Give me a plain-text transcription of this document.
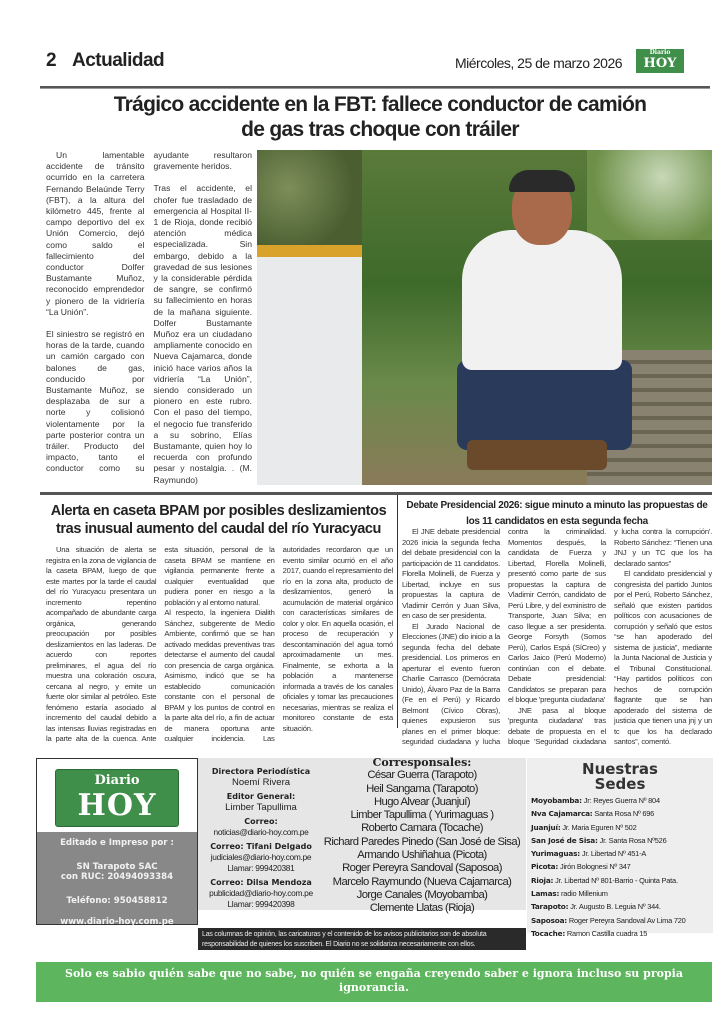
2 Actualidad	Miércoles, 25 de marzo 2026
Diario
HOY
Trágico accidente en la FBT: fallece conductor de camión
de gas tras choque con tráiler

Un lamentable accidente de tránsito ocurrido en la carretera Fernando Belaúnde Terry (FBT), a la altura del kilómetro 445, frente al campo deportivo del ex Unión Comercio, dejó como saldo el fallecimiento del conductor Dolfer Bustamante Muñoz, reconocido emprendedor y pionero de la vidriería “La Unión”.

El siniestro se registró en horas de la tarde, cuando un camión cargado con balones de gas, conducido por Bustamante Muñoz, se desplazaba de sur a norte y colisionó violentamente por la parte posterior contra un tráiler. Producto del impacto, tanto el conductor como su ayudante resultaron gravemente heridos.

Tras el accidente, el chofer fue trasladado de emergencia al Hospital II-1 de Rioja, donde recibió atención médica especializada. Sin embargo, debido a la gravedad de sus lesiones y la considerable pérdida de sangre, se confirmó su fallecimiento en horas de la mañana siguiente. Dolfer Bustamante Muñoz era un ciudadano ampliamente conocido en Nueva Cajamarca, donde inició hace varios años la vidriería “La Unión”, siendo considerado un pionero en este rubro. Con el paso del tiempo, el negocio fue transferido a su sobrino, Elías Bustamante, quien hoy lo recuerda con profundo pesar y nostalgia. . (M. Raymundo)

Alerta en caseta BPAM por posibles deslizamientos tras inusual aumento del caudal del río Yuracyacu

Una situación de alerta se registra en la zona de vigilancia de la caseta BPAM, luego de que este martes por la tarde el caudal del río Yuracyacu presentara un incremento repentino acompañado de abundante carga orgánica, generando preocupación por posibles deslizamientos en las laderas. De acuerdo con reportes preliminares, el agua del río muestra una coloración oscura, cercana al negro, y emite un fuerte olor similar al petróleo. Este fenómeno estaría asociado al incremento del caudal debido a las intensas lluvias registradas en la parte alta de la cuenca. Ante esta situación, personal de la caseta BPAM se mantiene en vigilancia permanente frente a cualquier eventualidad que pudiera poner en riesgo a la población y al entorno natural.

Al respecto, la ingeniera Dialith Sánchez, subgerente de Medio Ambiente, confirmó que se han activado medidas preventivas tras detectarse el aumento del caudal con presencia de carga orgánica. Asimismo, indicó que se ha establecido comunicación constante con el personal de BPAM y los puntos de control en la parte alta del río, a fin de actuar de manera oportuna ante cualquier incidencia. Las autoridades recordaron que un evento similar ocurrió en el año 2017, cuando el represamiento del río en la zona alta, producto de deslizamientos, generó la acumulación de material orgánico con características similares de color y olor. En aquella ocasión, el proceso de recuperación y descontaminación del agua tomó aproximadamente un mes. Finalmente, se exhorta a la población a mantenerse informada a través de los canales oficiales y tomar las precauciones necesarias, mientras se realiza el monitoreo constante de esta situación.

Debate Presidencial 2026: sigue minuto a minuto las propuestas de los 11 candidatos en esta segunda fecha

El JNE debate presidencial 2026 inicia la segunda fecha del debate presidencial con la participación de 11 candidatos. Florella Molinelli, de Fuerza y Libertad, incluye en sus propuestas la captura de Vladimir Cerrón y Juan Silva, en caso de ser presidenta.

El Jurado Nacional de Elecciones (JNE) dio inicio a la segunda fecha del debate presidencial. Los primeros en aperturar el evento fueron Charlie Carrasco (Demócrata Unido), Álvaro Paz de la Barra (Fe en el Perú) y Ricardo Belmont (Cívico Obras), quienes expusieron sus planes en el primer bloque: seguridad ciudadana y lucha contra la criminalidad. Momentos después, la candidata de Fuerza y Libertad, Florella Molinelli, presentó como parte de sus propuestas la captura de Vladimir Cerrón, candidato de Perú Libre, y del exministro de Transporte, Juan Silva; en caso llegue a ser presidenta. George Forsyth (Somos Perú), Carlos Espá (SíCreo) y Carlos Jaico (Perú Moderno) continúan con el debate. Debate presidencial: Candidatos se preparan para el bloque 'pregunta ciudadana'

JNE pasa al bloque 'pregunta ciudadana' tras debate de propuesta en el bloque 'Seguridad ciudadana y lucha contra la corrupción'. Roberto Sánchez: “Tienen una JNJ y un TC que los ha declarado santos”

El candidato presidencial y congresista del partido Juntos por el Perú, Roberto Sánchez, señaló que existen partidos políticos con acusaciones de corrupción y señaló que estos “se han apoderado del sistema de justicia”, mediante la Junta Nacional de Justicia y el Tribunal Constitucional. “Hay partidos políticos con hechos de corrupción flagrante que se han apoderado del sistema de justicia que tienen una jnj y un tc que los ha declarado santos”, comentó.

Diario
HOY
Editado e Impreso por :
SN Tarapoto SAC
con RUC: 20494093384
Teléfono: 950458812
www.diario-hoy.com.pe
Directora Periodística
Noemí Rivera
Editor General:
Limber Tapullima
Correo:
noticias@diario-hoy.com.pe
Correo: Tifani Delgado
judiciales@diario-hoy.com.pe
Llamar: 999420381
Correo: Dilsa Mendoza
publicidad@diario-hoy.com.pe
Llamar: 999420398
Corresponsales:
César Guerra (Tarapoto)
Heil Sangama (Tarapoto)
Hugo Alvear (Juanjuí)
Limber Tapullima ( Yurimaguas )
Roberto Camara (Tocache)
Richard Paredes Pinedo (San José de Sisa)
Armando Ushiñahua (Picota)
Roger Pereyra Sandoval (Saposoa)
Marcelo Raymundo (Nueva Cajamarca)
Jorge Canales (Moyobamba)
Clemente Llatas (Rioja)
Las columnas de opinión, las caricaturas y el contenido de los avisos publicitarios son de absoluta responsabilidad de quienes los suscriben. El Diario no se solidariza necesariamente con ellos.
Nuestras
Sedes
Moyobamba: Jr: Reyes Guerra Nº 804
Nva Cajamarca: Santa Rosa Nº 696
Juanjuí: Jr. Maria Eguren Nº 502
San José de Sisa: Jr. Santa Rosa Nº526
Yurimaguas: Jr. Libertad Nº 451-A
Picota: Jirón Bolognesi Nº 347
Rioja: Jr. Libertad Nº 801-Barrio - Quinta Pata.
Lamas: radio Millenium
Tarapoto: Jr. Augusto B. Leguia Nº 344.
Saposoa: Roger Pereyra Sandoval Av Lima 720
Tocache: Ramon Castilla cuadra 15
Solo es sabio quién sabe que no sabe, no quién se engaña creyendo saber e ignora incluso su propia ignorancia.
